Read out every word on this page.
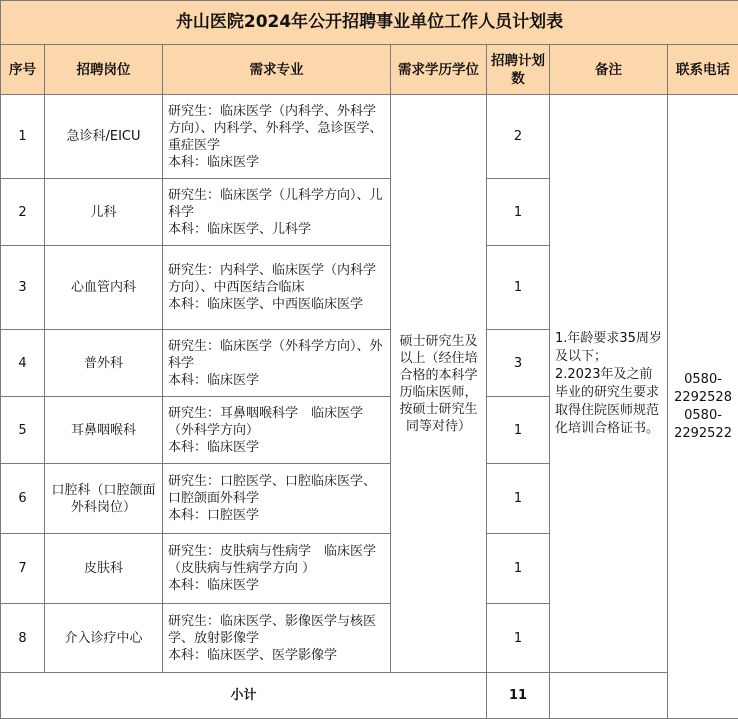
舟山医院2024年公开招聘事业单位工作人员计划表						
序号	招聘岗位	需求专业	需求学历学位	招聘计划数	备注	联系电话
1	急诊科/EICU	研究生：临床医学（内科学、外科学方向）、内科学、外科学、急诊医学、重症医学
本科：临床医学	硕士研究生及以上（经住培合格的本科学历临床医师，按硕士研究生同等对待）	2	1.年龄要求35周岁及以下；
2.2023年及之前毕业的研究生要求取得住院医师规范化培训合格证书。	0580-2292528
0580-2292522

2	儿科	研究生：临床医学（儿科学方向）、儿科学
本科：临床医学、儿科学		1		
3	心血管内科	研究生：内科学、临床医学（内科学方向）、中西医结合临床
本科：临床医学、中西医临床医学		1		
4	普外科	研究生：临床医学（外科学方向）、外科学
本科：临床医学		3		
5	耳鼻咽喉科	研究生：耳鼻咽喉科学　临床医学（外科学方向）
本科：临床医学		1		
6	口腔科（口腔颌面外科岗位）	研究生：口腔医学、口腔临床医学、口腔颌面外科学
本科：口腔医学		1		
7	皮肤科	研究生：皮肤病与性病学　临床医学（皮肤病与性病学方向 ）
本科：临床医学		1		
8	介入诊疗中心	研究生：临床医学、影像医学与核医学、放射影像学
本科：临床医学、医学影像学		1		
小计				11		
